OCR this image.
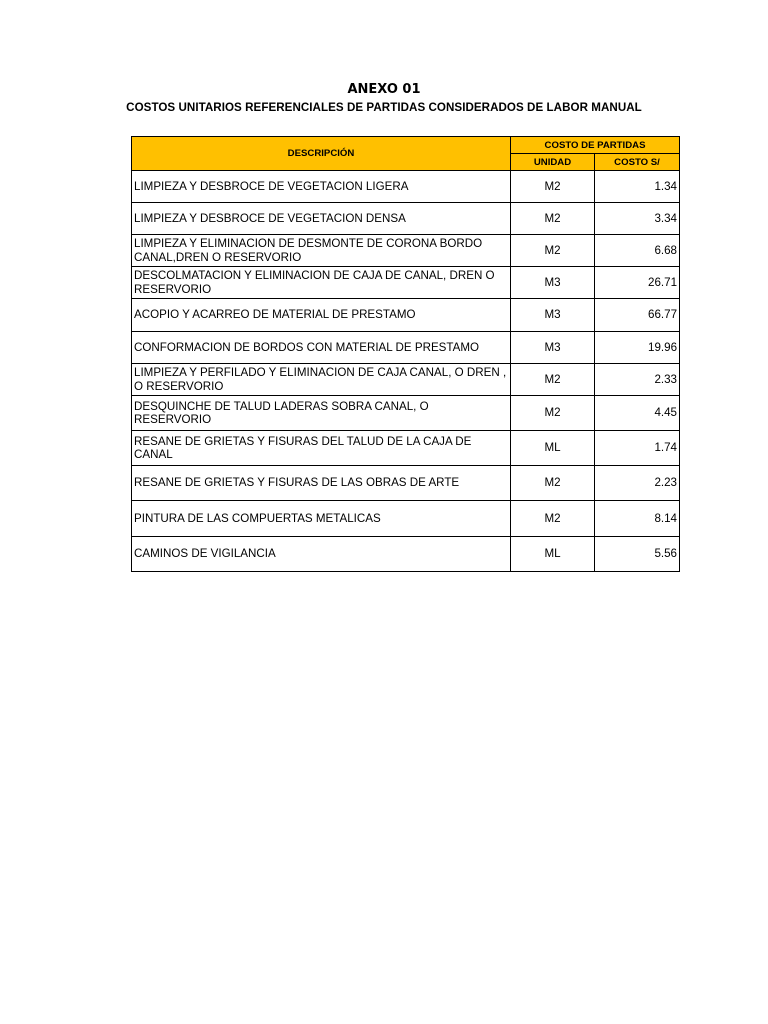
ANEXO 01
COSTOS UNITARIOS REFERENCIALES DE PARTIDAS CONSIDERADOS DE LABOR MANUAL
DESCRIPCIÓN	COSTO DE PARTIDAS	
	UNIDAD	COSTO S/
LIMPIEZA Y DESBROCE DE VEGETACION LIGERA	M2	1.34
LIMPIEZA Y DESBROCE DE VEGETACION DENSA	M2	3.34
LIMPIEZA Y ELIMINACION DE DESMONTE DE CORONA BORDO CANAL,DREN O RESERVORIO	M2	6.68
DESCOLMATACION Y ELIMINACION DE CAJA DE CANAL, DREN O RESERVORIO	M3	26.71
ACOPIO Y ACARREO DE MATERIAL DE PRESTAMO	M3	66.77
CONFORMACION DE BORDOS CON MATERIAL DE PRESTAMO	M3	19.96
LIMPIEZA Y PERFILADO Y ELIMINACION DE CAJA CANAL, O DREN , O RESERVORIO	M2	2.33
DESQUINCHE DE TALUD LADERAS SOBRA CANAL, O RESERVORIO	M2	4.45
RESANE DE GRIETAS Y FISURAS DEL TALUD DE LA CAJA DE CANAL	ML	1.74
RESANE DE GRIETAS Y FISURAS DE LAS OBRAS DE ARTE	M2	2.23
PINTURA DE LAS COMPUERTAS METALICAS	M2	8.14
CAMINOS DE VIGILANCIA	ML	5.56
